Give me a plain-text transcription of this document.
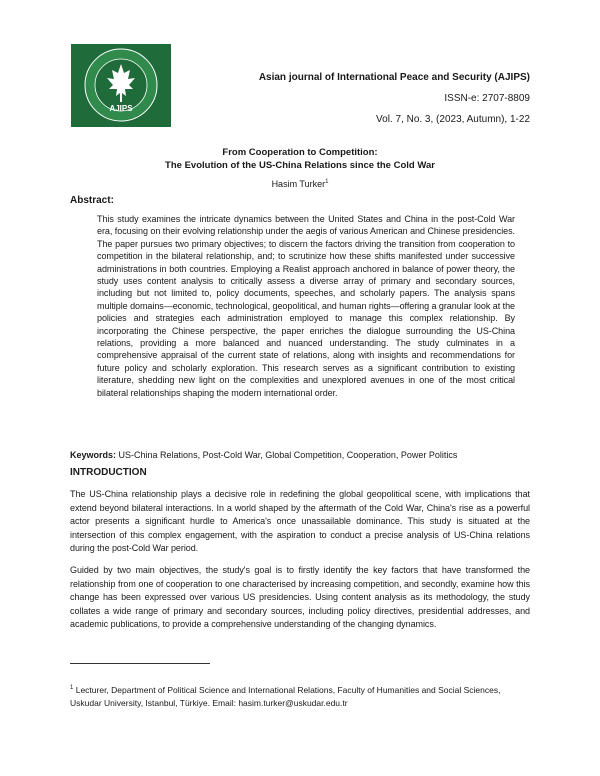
AJIPS
Asian journal of International Peace and Security (AJIPS)
ISSN-e: 2707-8809
Vol. 7, No. 3, (2023, Autumn), 1-22
From Cooperation to Competition:
The Evolution of the US-China Relations since the Cold War
Hasim Turker$^1$
Abstract:
This study examines the intricate dynamics between the United States and China in the post-Cold War era, focusing on their evolving relationship under the aegis of various American and Chinese presidencies. The paper pursues two primary objectives; to discern the factors driving the transition from cooperation to competition in the bilateral relationship, and; to scrutinize how these shifts manifested under successive administrations in both countries. Employing a Realist approach anchored in balance of power theory, the study uses content analysis to critically assess a diverse array of primary and secondary sources, including but not limited to, policy documents, speeches, and scholarly papers. The analysis spans multiple domains—economic, technological, geopolitical, and human rights—offering a granular look at the policies and strategies each administration employed to manage this complex relationship. By incorporating the Chinese perspective, the paper enriches the dialogue surrounding the US-China relations, providing a more balanced and nuanced understanding. The study culminates in a comprehensive appraisal of the current state of relations, along with insights and recommendations for future policy and scholarly exploration. This research serves as a significant contribution to existing literature, shedding new light on the complexities and unexplored avenues in one of the most critical bilateral relationships shaping the modern international order.
Keywords: US-China Relations, Post-Cold War, Global Competition, Cooperation, Power Politics
INTRODUCTION
The US-China relationship plays a decisive role in redefining the global geopolitical scene, with implications that extend beyond bilateral interactions. In a world shaped by the aftermath of the Cold War, China's rise as a powerful actor presents a significant hurdle to America's once unassailable dominance. This study is situated at the intersection of this complex engagement, with the aspiration to conduct a precise analysis of US-China relations during the post-Cold War period.
Guided by two main objectives, the study's goal is to firstly identify the key factors that have transformed the relationship from one of cooperation to one characterised by increasing competition, and secondly, examine how this change has been expressed over various US presidencies. Using content analysis as its methodology, the study collates a wide range of primary and secondary sources, including policy directives, presidential addresses, and academic publications, to provide a comprehensive understanding of the changing dynamics.
$^1$ Lecturer, Department of Political Science and International Relations, Faculty of Humanities and Social Sciences, Uskudar University, Istanbul, Türkiye. Email: hasim.turker@uskudar.edu.tr
